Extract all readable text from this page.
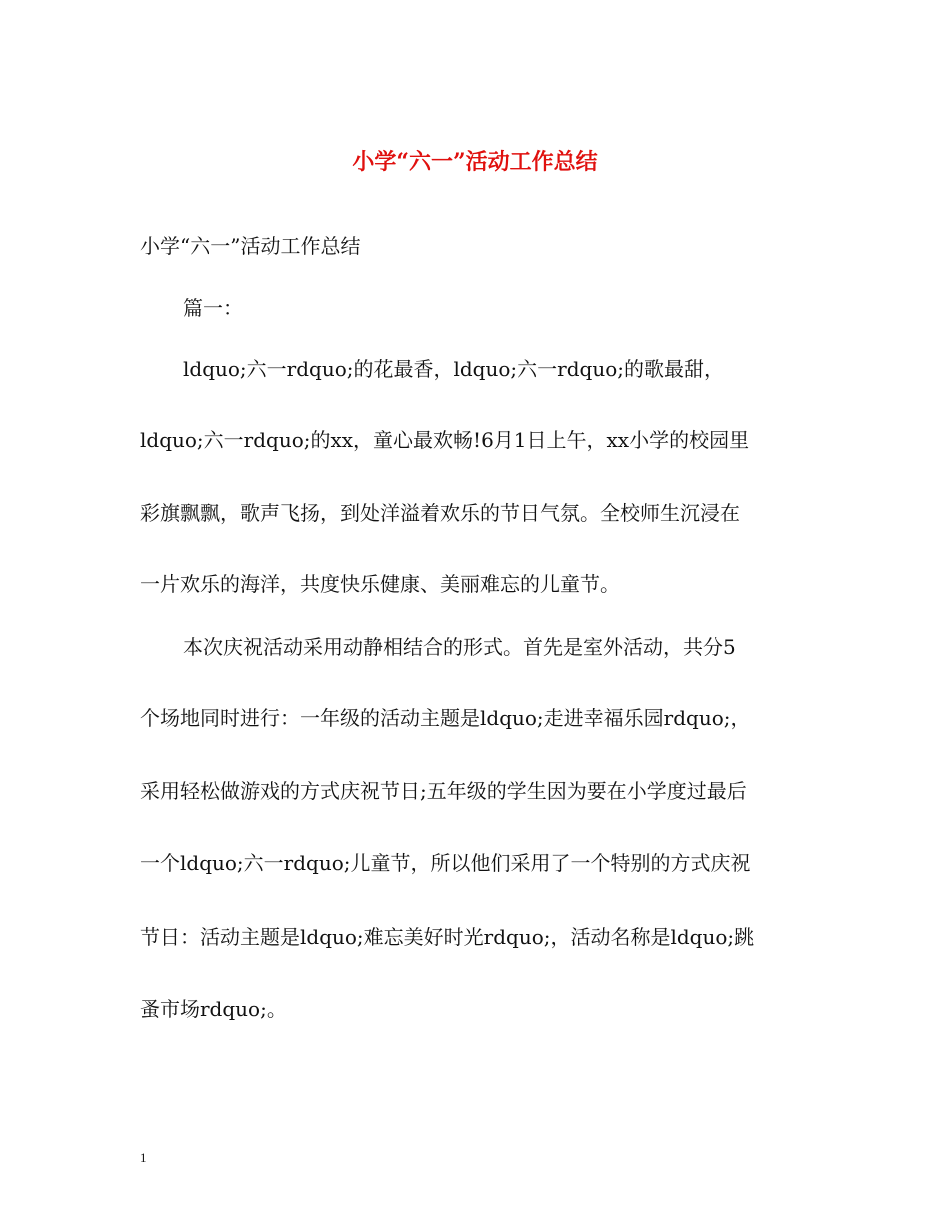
小学“六一”活动工作总结

小学“六一”活动工作总结

篇一：

ldquo;六一rdquo;的花最香，ldquo;六一rdquo;的歌最甜，

ldquo;六一rdquo;的xx，童心最欢畅!6月1日上午，xx小学的校园里

彩旗飘飘，歌声飞扬，到处洋溢着欢乐的节日气氛。全校师生沉浸在

一片欢乐的海洋，共度快乐健康、美丽难忘的儿童节。

本次庆祝活动采用动静相结合的形式。首先是室外活动，共分5

个场地同时进行：一年级的活动主题是ldquo;走进幸福乐园rdquo;，

采用轻松做游戏的方式庆祝节日;五年级的学生因为要在小学度过最后

一个ldquo;六一rdquo;儿童节，所以他们采用了一个特别的方式庆祝

节日：活动主题是ldquo;难忘美好时光rdquo;，活动名称是ldquo;跳

蚤市场rdquo;。

1
